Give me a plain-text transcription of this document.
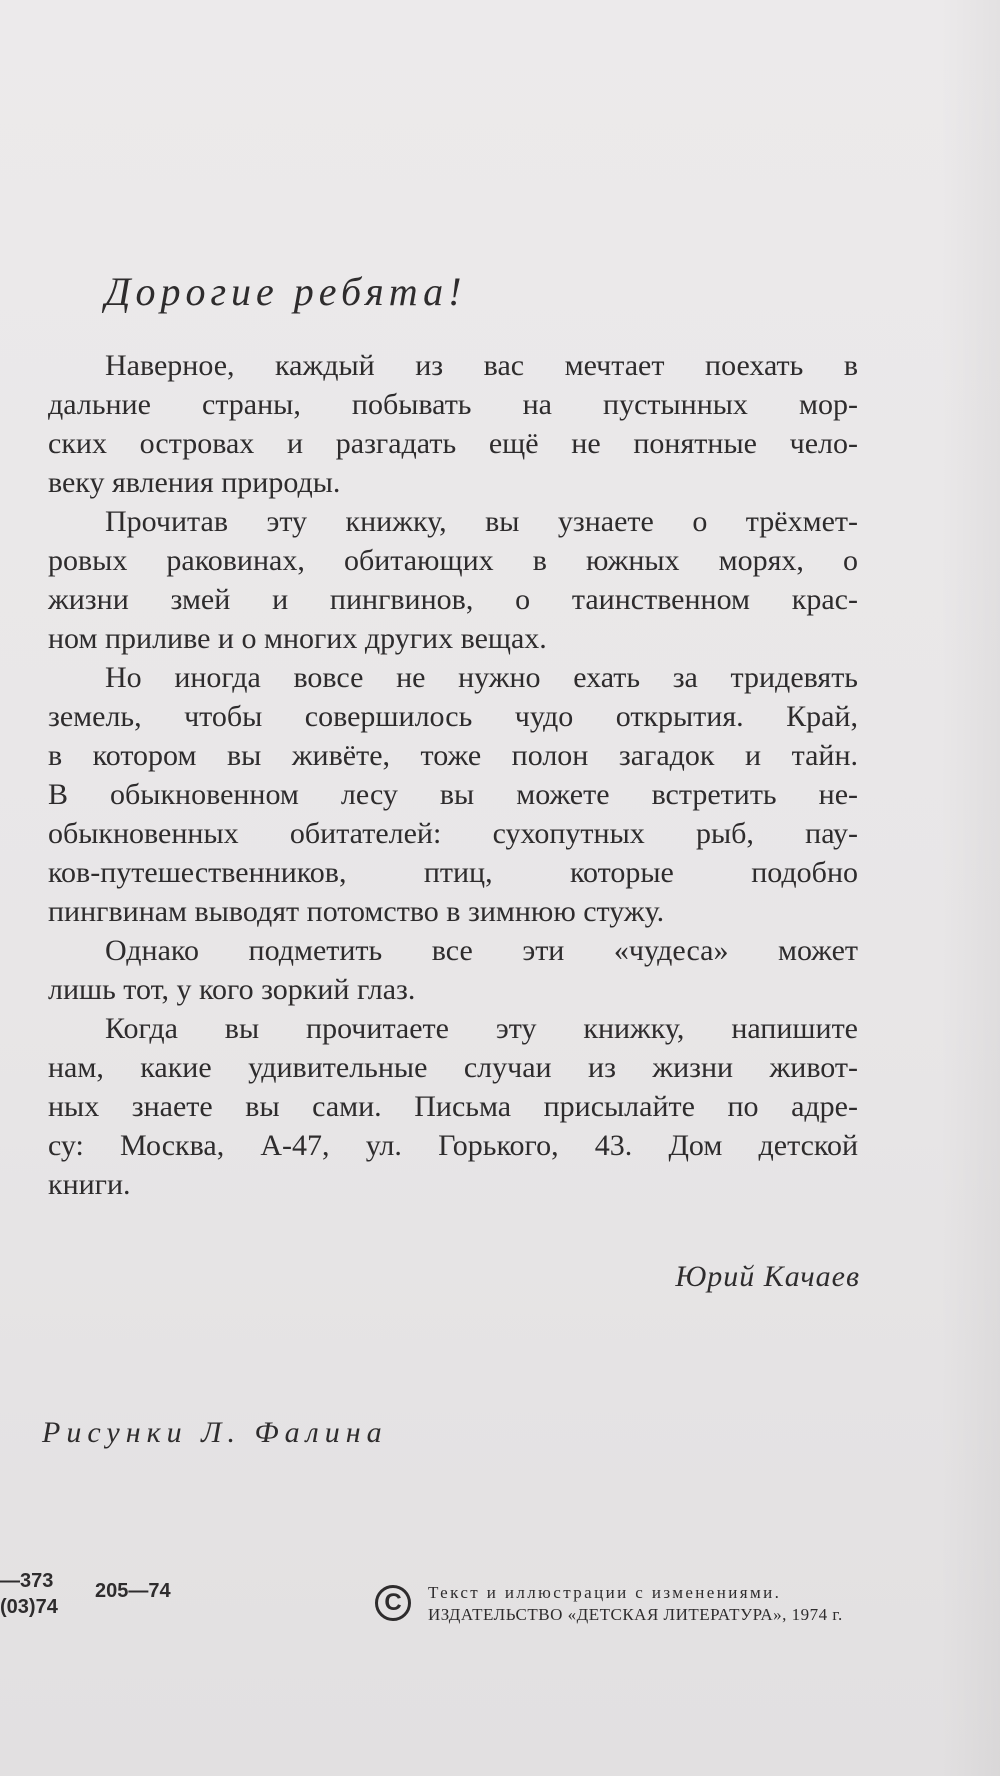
Дорогие ребята!
Наверное, каждый из вас мечтает поехать в
дальние страны, побывать на пустынных мор-
ских островах и разгадать ещё не понятные чело-
веку явления природы.
Прочитав эту книжку, вы узнаете о трёхмет-
ровых раковинах, обитающих в южных морях, о
жизни змей и пингвинов, о таинственном крас-
ном приливе и о многих других вещах.
Но иногда вовсе не нужно ехать за тридевять
земель, чтобы совершилось чудо открытия. Край,
в котором вы живёте, тоже полон загадок и тайн.
В обыкновенном лесу вы можете встретить не-
обыкновенных обитателей: сухопутных рыб, пау-
ков-путешественников, птиц, которые подобно
пингвинам выводят потомство в зимнюю стужу.
Однако подметить все эти «чудеса» может
лишь тот, у кого зоркий глаз.
Когда вы прочитаете эту книжку, напишите
нам, какие удивительные случаи из жизни живот-
ных знаете вы сами. Письма присылайте по адре-
су: Москва, А-47, ул. Горького, 43. Дом детской
книги.
Юрий Качаев
Рисунки Л. Фалина
—373
(03)74
205—74	C	Текст и иллюстрации с изменениями.
ИЗДАТЕЛЬСТВО «ДЕТСКАЯ ЛИТЕРАТУРА», 1974 г.
